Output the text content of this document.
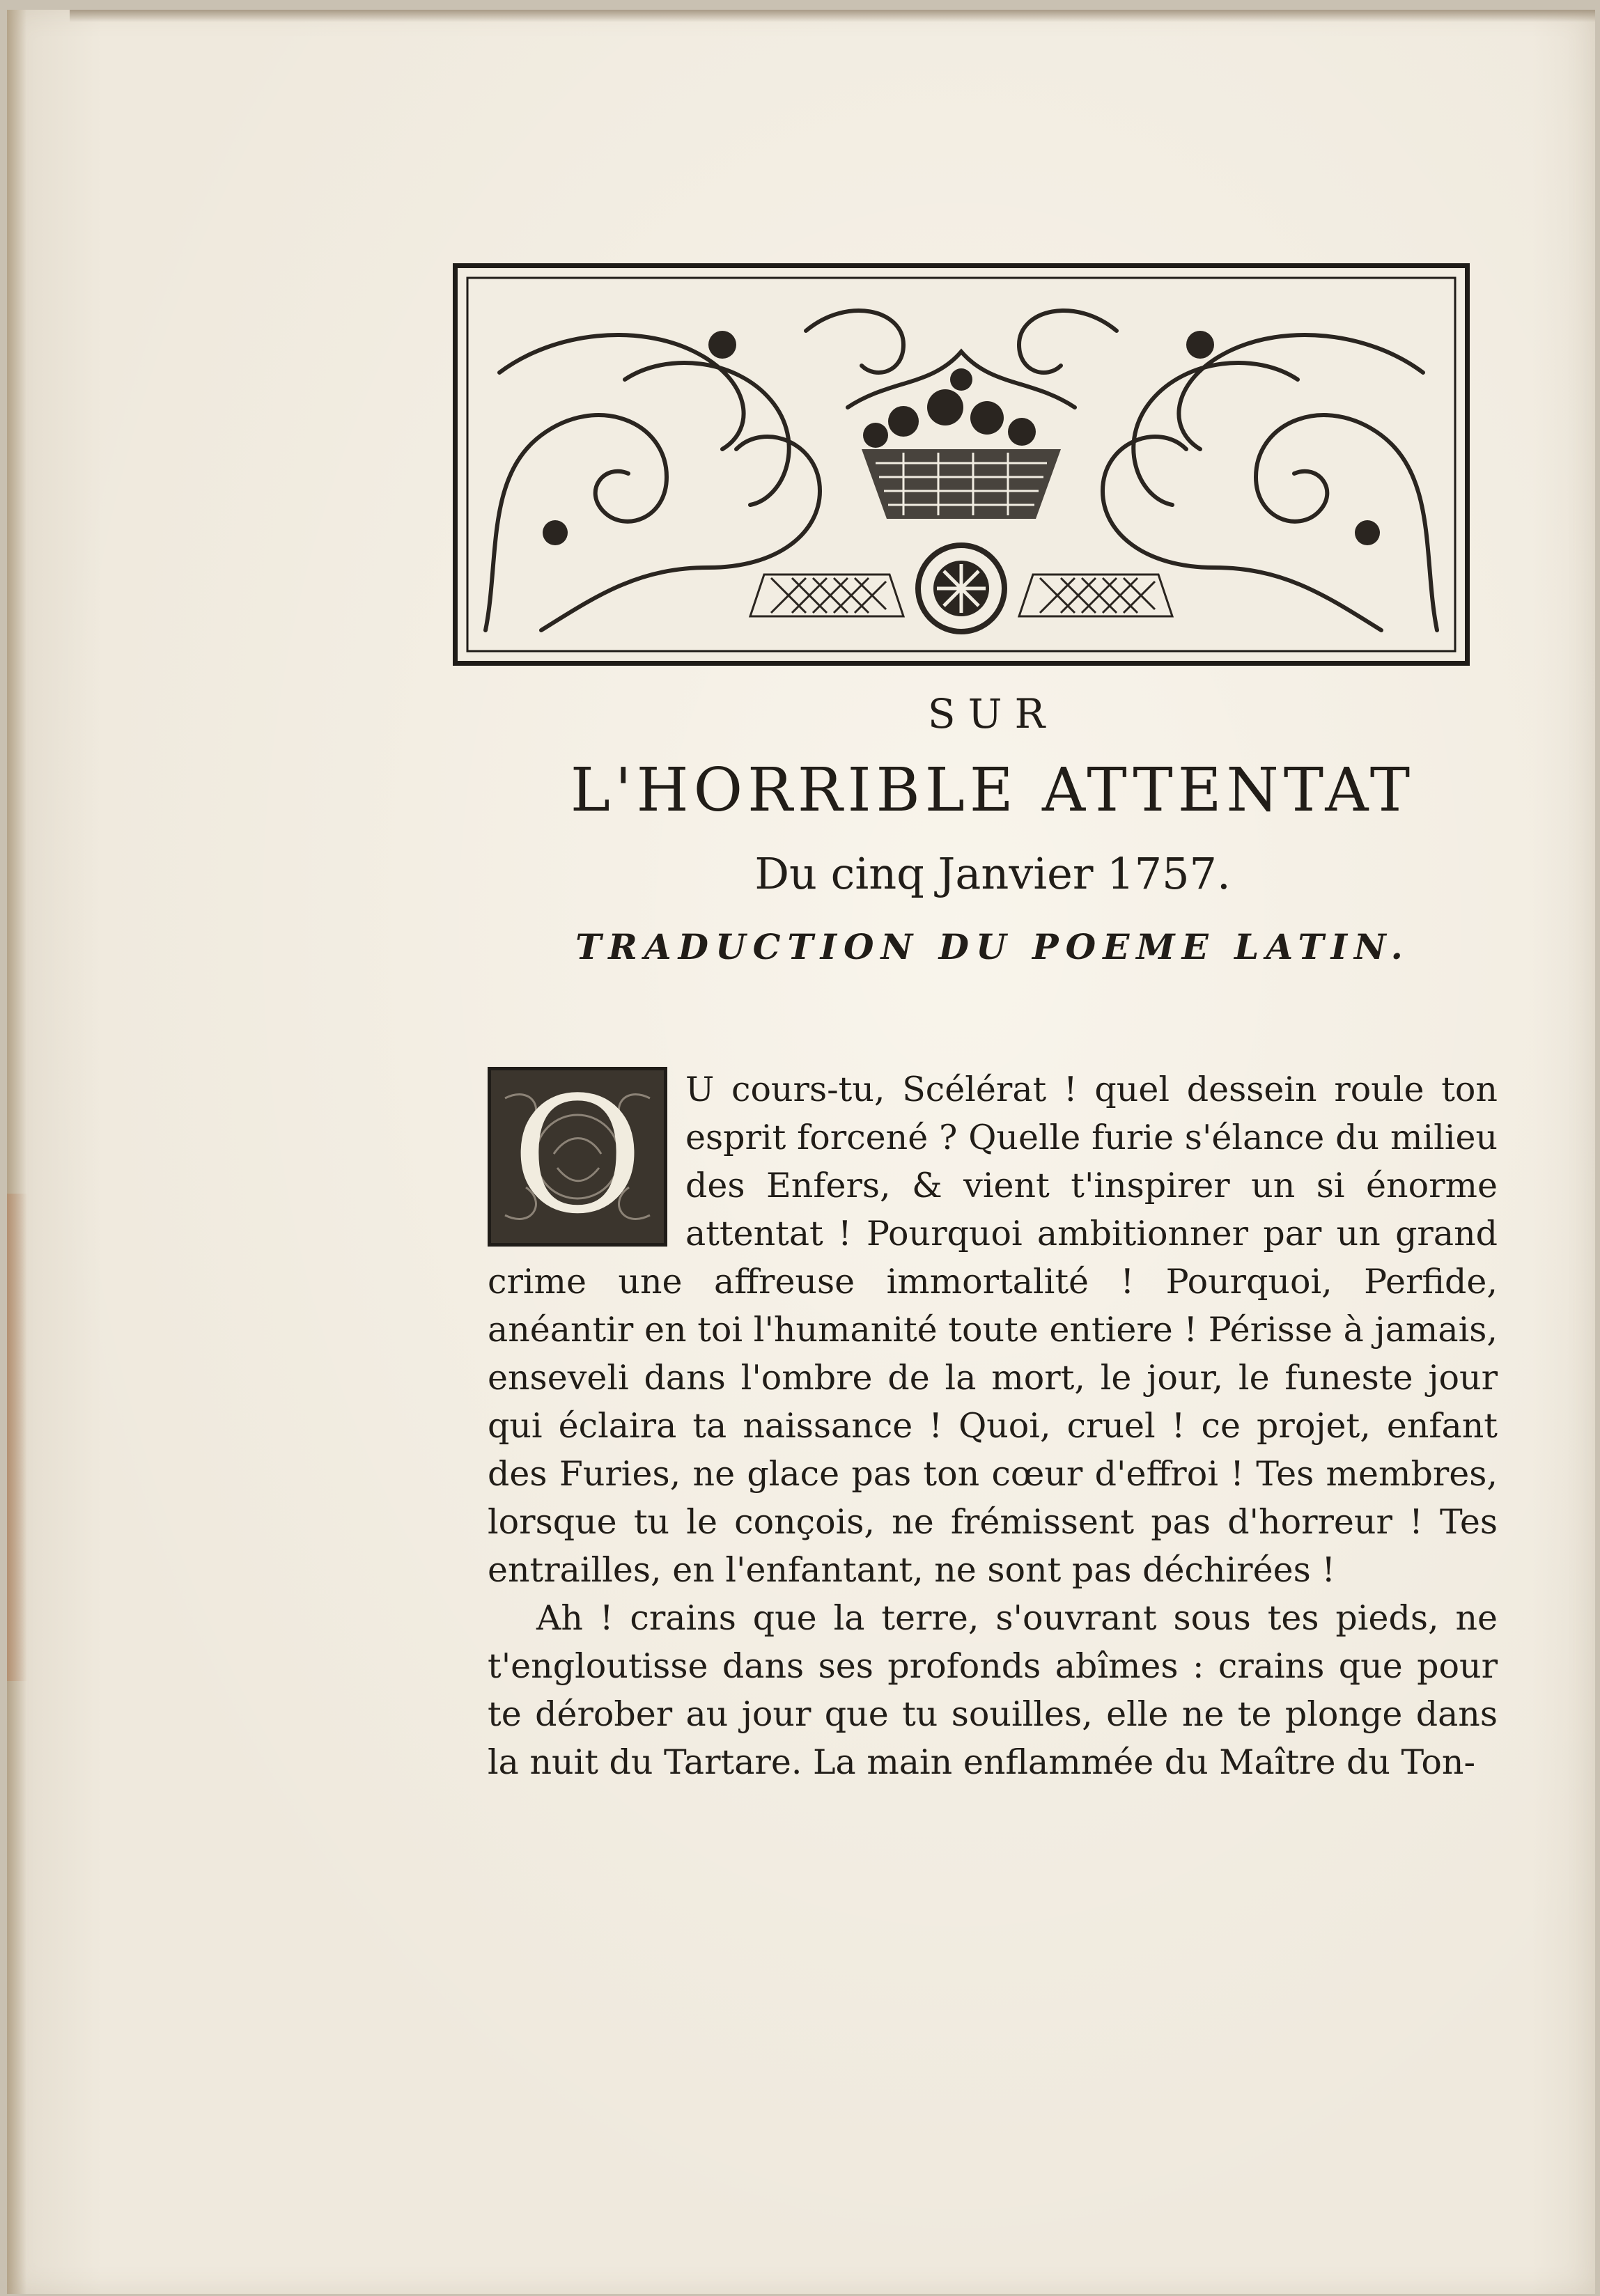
SUR

L'HORRIBLE ATTENTAT

Du cinq Janvier 1757.

TRADUCTION DU POEME LATIN.

O	U cours-tu, Scélérat ! quel dessein roule ton esprit forcené ? Quelle furie s'élance du milieu des Enfers, & vient t'inspirer un si énorme attentat ! Pourquoi ambitionner par un grand crime une affreuse immortalité ! Pourquoi, Perfide, anéantir en toi l'humanité toute entiere ! Périsse à jamais, enseveli dans l'ombre de la mort, le jour, le funeste jour qui éclaira ta naissance ! Quoi, cruel ! ce projet, enfant des Furies, ne glace pas ton cœur d'effroi ! Tes membres, lorsque tu le conçois, ne frémissent pas d'horreur ! Tes entrailles, en l'enfantant, ne sont pas déchirées !

Ah ! crains que la terre, s'ouvrant sous tes pieds, ne t'engloutisse dans ses profonds abîmes : crains que pour te dérober au jour que tu souilles, elle ne te plonge dans la nuit du Tartare. La main enflammée du Maître du Ton-
